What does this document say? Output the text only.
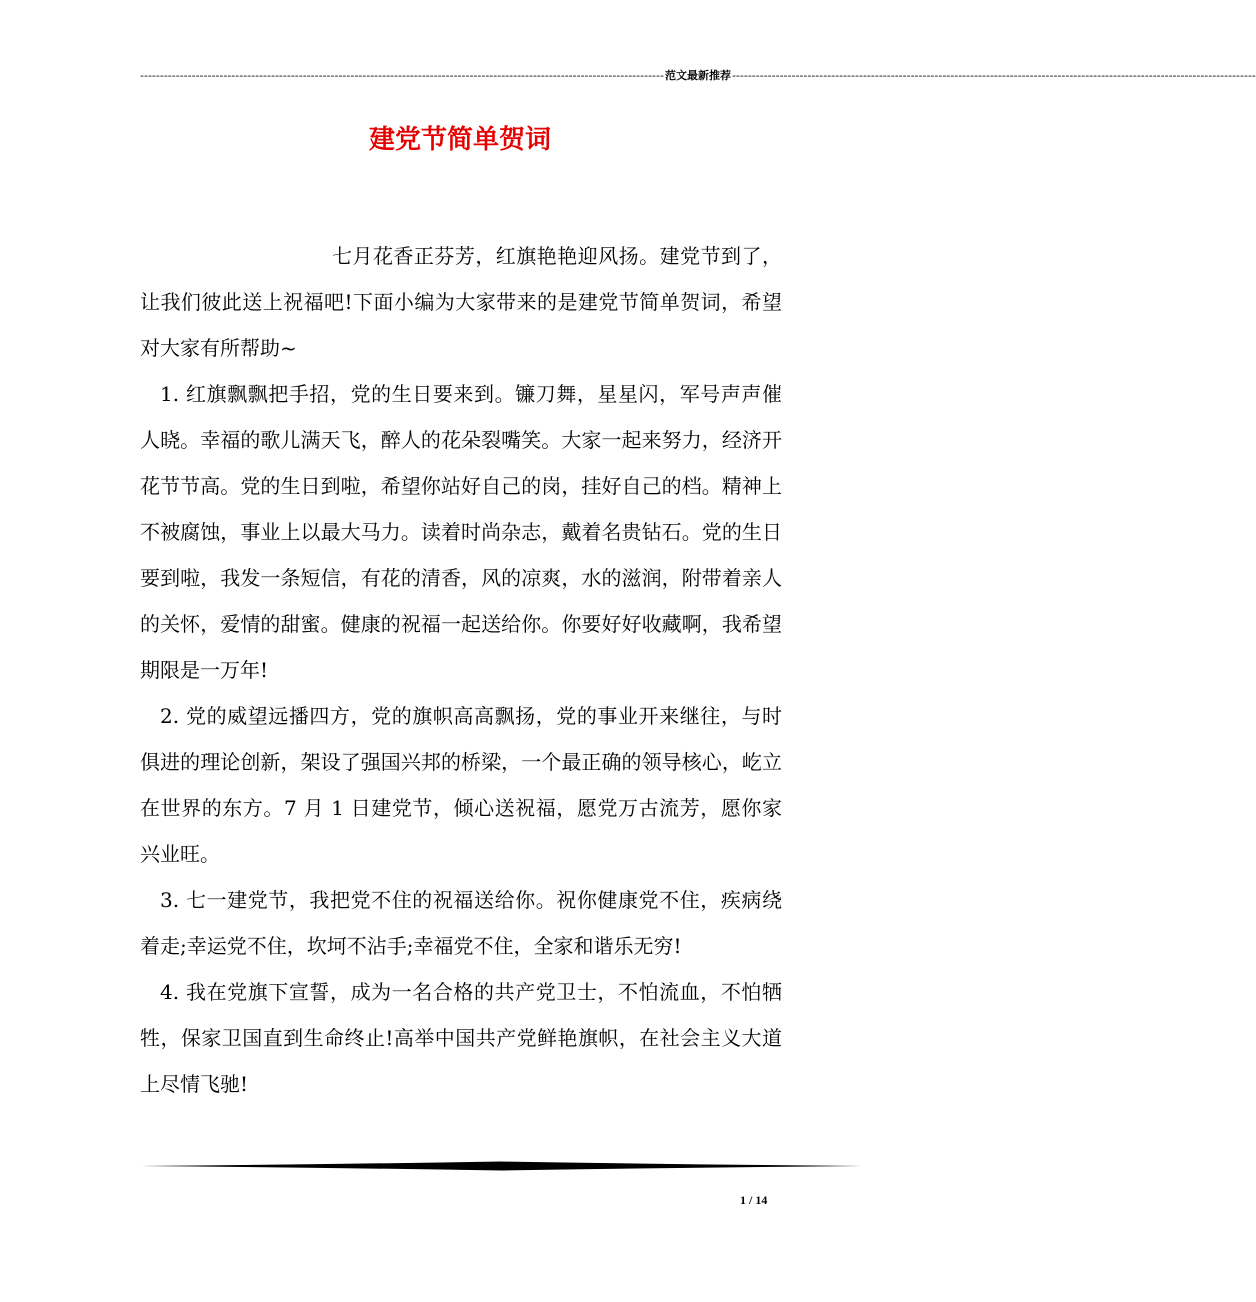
------------------------------------------------------------------------------------------------------------------------------------ 范文最新推荐 ------------------------------------------------------------------------------------------------------------------------------------
建党节简单贺词

七月花香正芬芳，红旗艳艳迎风扬。建党节到了，让我们彼此送上祝福吧!下面小编为大家带来的是建党节简单贺词，希望对大家有所帮助~

1. 红旗飘飘把手招，党的生日要来到。镰刀舞，星星闪，军号声声催人晓。幸福的歌儿满天飞，醉人的花朵裂嘴笑。大家一起来努力，经济开花节节高。党的生日到啦，希望你站好自己的岗，挂好自己的档。精神上不被腐蚀，事业上以最大马力。读着时尚杂志，戴着名贵钻石。党的生日要到啦，我发一条短信，有花的清香，风的凉爽，水的滋润，附带着亲人的关怀，爱情的甜蜜。健康的祝福一起送给你。你要好好收藏啊，我希望期限是一万年!

2. 党的威望远播四方，党的旗帜高高飘扬，党的事业开来继往，与时俱进的理论创新，架设了强国兴邦的桥梁，一个最正确的领导核心，屹立在世界的东方。7 月 1 日建党节，倾心送祝福，愿党万古流芳，愿你家兴业旺。

3. 七一建党节，我把党不住的祝福送给你。祝你健康党不住，疾病绕着走;幸运党不住，坎坷不沾手;幸福党不住，全家和谐乐无穷!

4. 我在党旗下宣誓，成为一名合格的共产党卫士，不怕流血，不怕牺牲，保家卫国直到生命终止!高举中国共产党鲜艳旗帜，在社会主义大道上尽情飞驰!

1 / 14
